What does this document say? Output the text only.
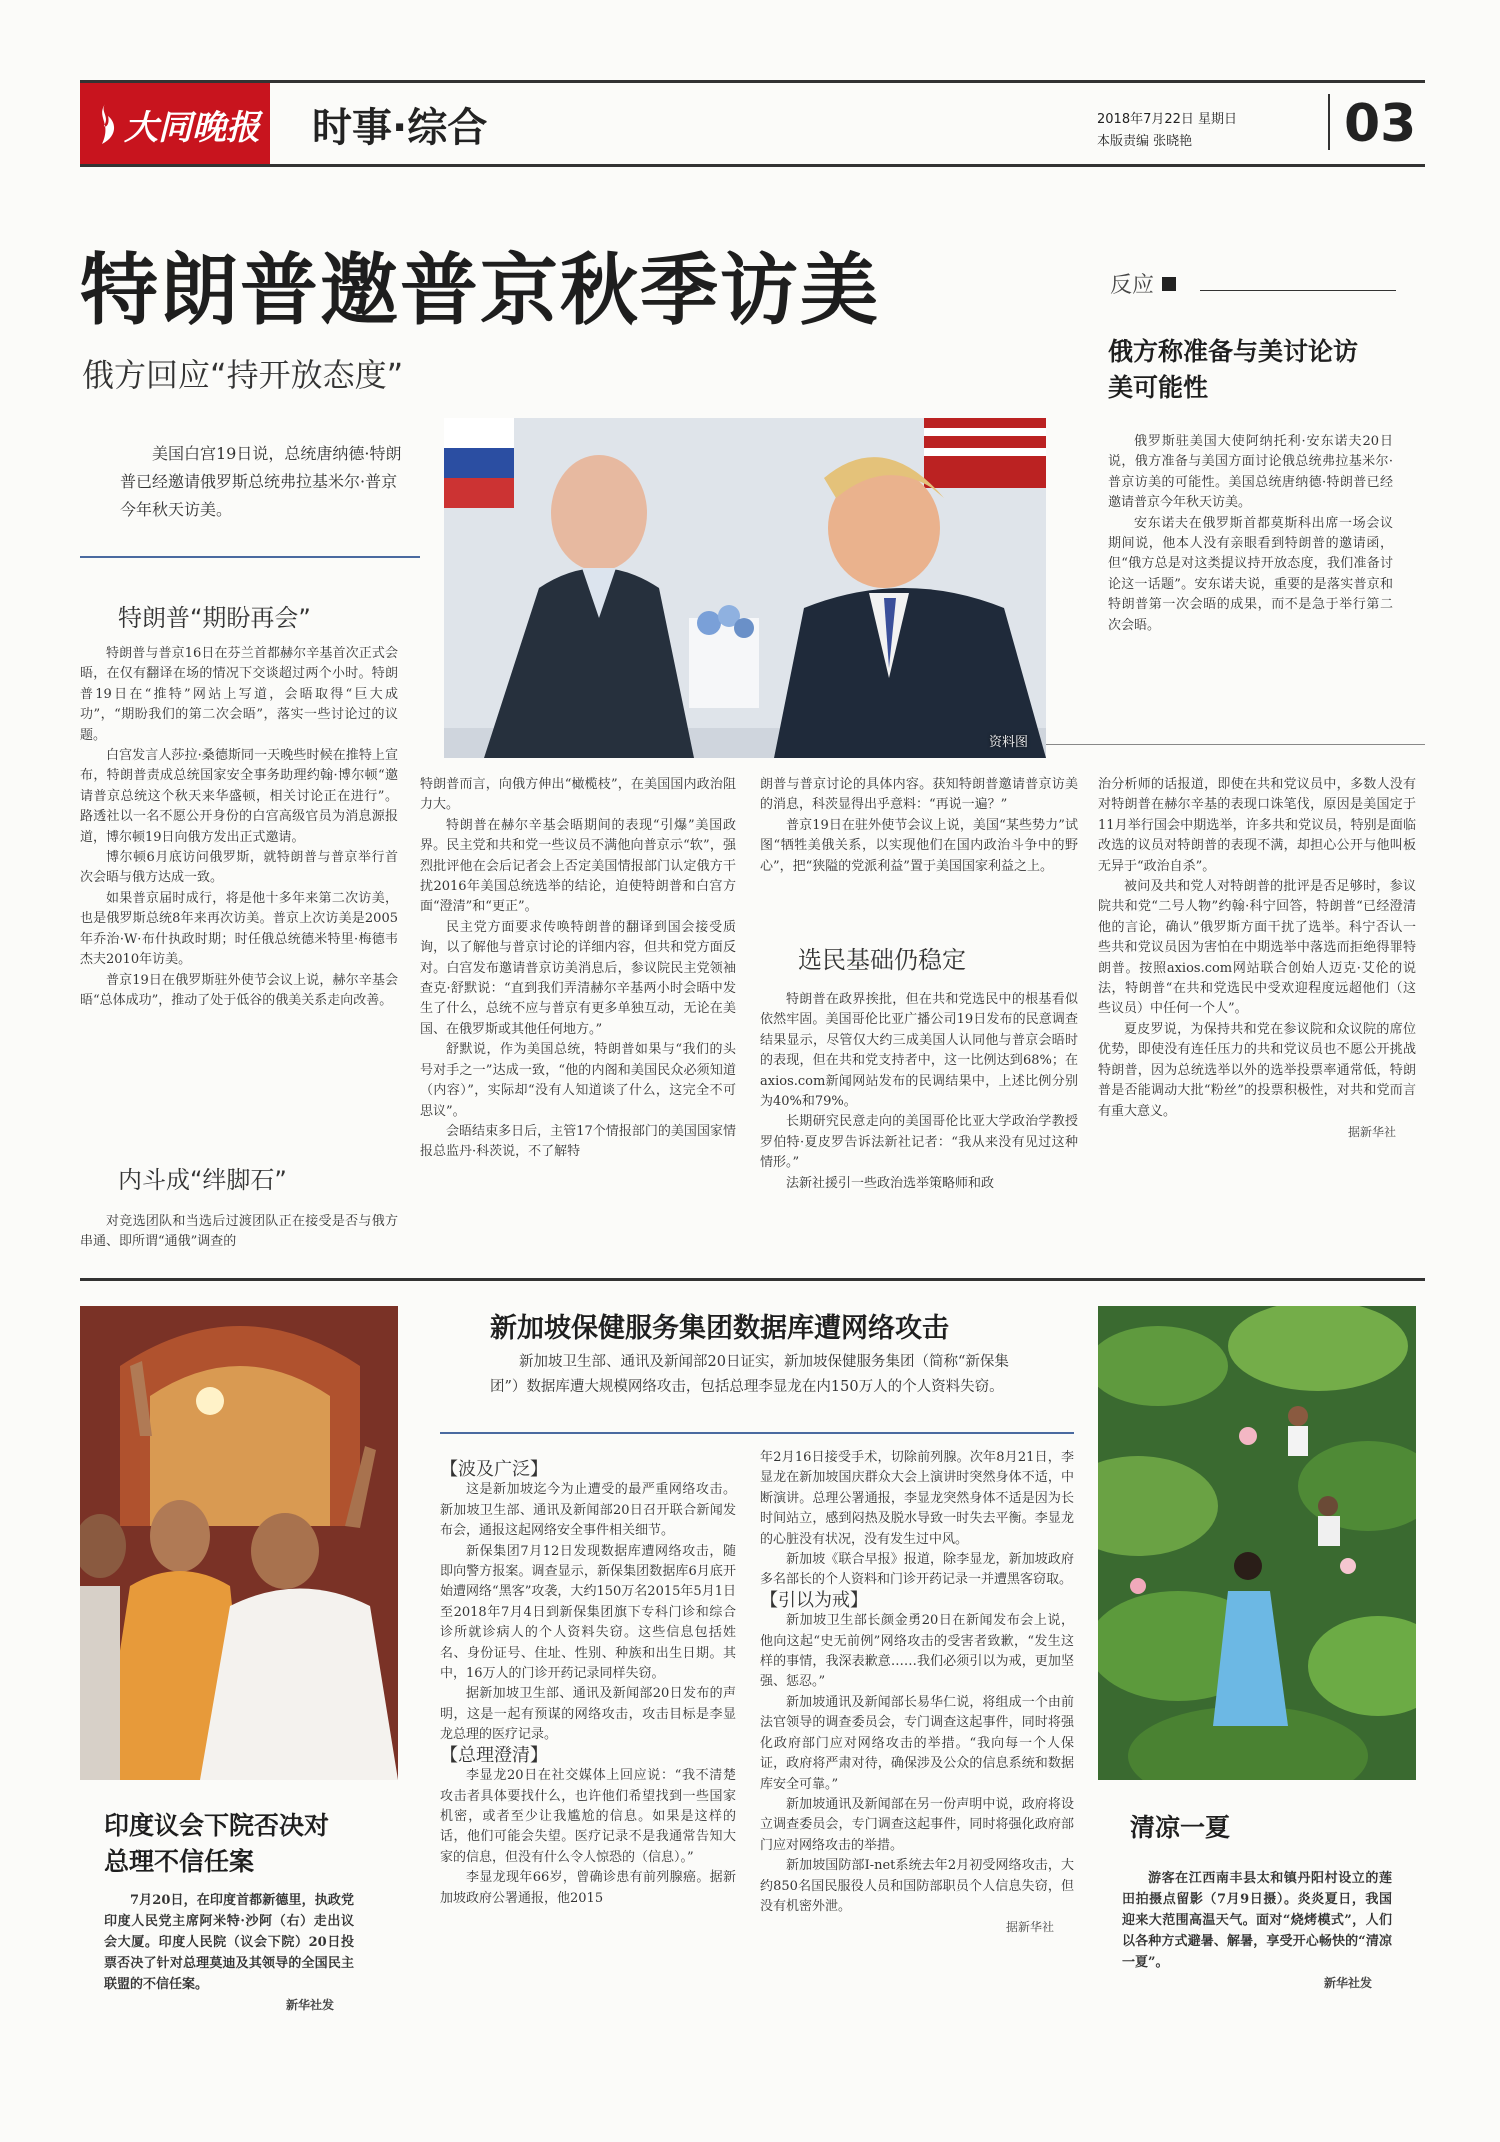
大同晚报 时事·综合	2018年7月22日 星期日
本版责编 张晓艳	03
特朗普邀普京秋季访美
俄方回应“持开放态度”
美国白宫19日说，总统唐纳德·特朗普已经邀请俄罗斯总统弗拉基米尔·普京今年秋天访美。
资料图
特朗普“期盼再会”

特朗普与普京16日在芬兰首都赫尔辛基首次正式会晤，在仅有翻译在场的情况下交谈超过两个小时。特朗普19日在“推特”网站上写道，会晤取得“巨大成功”，“期盼我们的第二次会晤”，落实一些讨论过的议题。

白宫发言人莎拉·桑德斯同一天晚些时候在推特上宣布，特朗普责成总统国家安全事务助理约翰·博尔顿“邀请普京总统这个秋天来华盛顿，相关讨论正在进行”。路透社以一名不愿公开身份的白宫高级官员为消息源报道，博尔顿19日向俄方发出正式邀请。

博尔顿6月底访问俄罗斯，就特朗普与普京举行首次会晤与俄方达成一致。

如果普京届时成行，将是他十多年来第二次访美，也是俄罗斯总统8年来再次访美。普京上次访美是2005年乔治·W·布什执政时期；时任俄总统德米特里·梅德韦杰夫2010年访美。

普京19日在俄罗斯驻外使节会议上说，赫尔辛基会晤“总体成功”，推动了处于低谷的俄美关系走向改善。

内斗成“绊脚石”

对竞选团队和当选后过渡团队正在接受是否与俄方串通、即所谓“通俄”调查的

特朗普而言，向俄方伸出“橄榄枝”，在美国国内政治阻力大。

特朗普在赫尔辛基会晤期间的表现“引爆”美国政界。民主党和共和党一些议员不满他向普京示“软”，强烈批评他在会后记者会上否定美国情报部门认定俄方干扰2016年美国总统选举的结论，迫使特朗普和白宫方面“澄清”和“更正”。

民主党方面要求传唤特朗普的翻译到国会接受质询，以了解他与普京讨论的详细内容，但共和党方面反对。白宫发布邀请普京访美消息后，参议院民主党领袖查克·舒默说：“直到我们弄清赫尔辛基两小时会晤中发生了什么，总统不应与普京有更多单独互动，无论在美国、在俄罗斯或其他任何地方。”

舒默说，作为美国总统，特朗普如果与“我们的头号对手之一”达成一致，“他的内阁和美国民众必须知道（内容）”，实际却“没有人知道谈了什么，这完全不可思议”。

会晤结束多日后，主管17个情报部门的美国国家情报总监丹·科茨说，不了解特

朗普与普京讨论的具体内容。获知特朗普邀请普京访美的消息，科茨显得出乎意料：“再说一遍？”

普京19日在驻外使节会议上说，美国“某些势力”试图“牺牲美俄关系，以实现他们在国内政治斗争中的野心”，把“狭隘的党派利益”置于美国国家利益之上。

选民基础仍稳定

特朗普在政界挨批，但在共和党选民中的根基看似依然牢固。美国哥伦比亚广播公司19日发布的民意调查结果显示，尽管仅大约三成美国人认同他与普京会晤时的表现，但在共和党支持者中，这一比例达到68%；在axios.com新闻网站发布的民调结果中，上述比例分别为40%和79%。

长期研究民意走向的美国哥伦比亚大学政治学教授罗伯特·夏皮罗告诉法新社记者：“我从来没有见过这种情形。”

法新社援引一些政治选举策略师和政

治分析师的话报道，即使在共和党议员中，多数人没有对特朗普在赫尔辛基的表现口诛笔伐，原因是美国定于11月举行国会中期选举，许多共和党议员，特别是面临改选的议员对特朗普的表现不满，却担心公开与他叫板无异于“政治自杀”。

被问及共和党人对特朗普的批评是否足够时，参议院共和党“二号人物”约翰·科宁回答，特朗普“已经澄清他的言论，确认”俄罗斯方面干扰了选举。科宁否认一些共和党议员因为害怕在中期选举中落选而拒绝得罪特朗普。按照axios.com网站联合创始人迈克·艾伦的说法，特朗普“在共和党选民中受欢迎程度远超他们（这些议员）中任何一个人”。

夏皮罗说，为保持共和党在参议院和众议院的席位优势，即使没有连任压力的共和党议员也不愿公开挑战特朗普，因为总统选举以外的选举投票率通常低，特朗普是否能调动大批“粉丝”的投票积极性，对共和党而言有重大意义。

据新华社
反应
俄方称准备与美讨论访美可能性

俄罗斯驻美国大使阿纳托利·安东诺夫20日说，俄方准备与美国方面讨论俄总统弗拉基米尔·普京访美的可能性。美国总统唐纳德·特朗普已经邀请普京今年秋天访美。

安东诺夫在俄罗斯首都莫斯科出席一场会议期间说，他本人没有亲眼看到特朗普的邀请函，但“俄方总是对这类提议持开放态度，我们准备讨论这一话题”。安东诺夫说，重要的是落实普京和特朗普第一次会晤的成果，而不是急于举行第二次会晤。

印度议会下院否决对总理不信任案

7月20日，在印度首都新德里，执政党印度人民党主席阿米特·沙阿（右）走出议会大厦。印度人民院（议会下院）20日投票否决了针对总理莫迪及其领导的全国民主联盟的不信任案。

新华社发
新加坡保健服务集团数据库遭网络攻击
新加坡卫生部、通讯及新闻部20日证实，新加坡保健服务集团（简称“新保集团”）数据库遭大规模网络攻击，包括总理李显龙在内150万人的个人资料失窃。

【波及广泛】

这是新加坡迄今为止遭受的最严重网络攻击。新加坡卫生部、通讯及新闻部20日召开联合新闻发布会，通报这起网络安全事件相关细节。

新保集团7月12日发现数据库遭网络攻击，随即向警方报案。调查显示，新保集团数据库6月底开始遭网络“黑客”攻袭，大约150万名2015年5月1日至2018年7月4日到新保集团旗下专科门诊和综合诊所就诊病人的个人资料失窃。这些信息包括姓名、身份证号、住址、性别、种族和出生日期。其中，16万人的门诊开药记录同样失窃。

据新加坡卫生部、通讯及新闻部20日发布的声明，这是一起有预谋的网络攻击，攻击目标是李显龙总理的医疗记录。

【总理澄清】

李显龙20日在社交媒体上回应说：“我不清楚攻击者具体要找什么，也许他们希望找到一些国家机密，或者至少让我尴尬的信息。如果是这样的话，他们可能会失望。医疗记录不是我通常告知大家的信息，但没有什么令人惊恐的（信息）。”

李显龙现年66岁，曾确诊患有前列腺癌。据新加坡政府公署通报，他2015

年2月16日接受手术，切除前列腺。次年8月21日，李显龙在新加坡国庆群众大会上演讲时突然身体不适，中断演讲。总理公署通报，李显龙突然身体不适是因为长时间站立，感到闷热及脱水导致一时失去平衡。李显龙的心脏没有状况，没有发生过中风。

新加坡《联合早报》报道，除李显龙，新加坡政府多名部长的个人资料和门诊开药记录一并遭黑客窃取。

【引以为戒】

新加坡卫生部长颜金勇20日在新闻发布会上说，他向这起“史无前例”网络攻击的受害者致歉，“发生这样的事情，我深表歉意……我们必须引以为戒，更加坚强、惩忍。”

新加坡通讯及新闻部长易华仁说，将组成一个由前法官领导的调查委员会，专门调查这起事件，同时将强化政府部门应对网络攻击的举措。“我向每一个人保证，政府将严肃对待，确保涉及公众的信息系统和数据库安全可靠。”

新加坡通讯及新闻部在另一份声明中说，政府将设立调查委员会，专门调查这起事件，同时将强化政府部门应对网络攻击的举措。

新加坡国防部I-net系统去年2月初受网络攻击，大约850名国民服役人员和国防部职员个人信息失窃，但没有机密外泄。

据新华社
清凉一夏

游客在江西南丰县太和镇丹阳村设立的莲田拍摄点留影（7月9日摄）。炎炎夏日，我国迎来大范围高温天气。面对“烧烤模式”，人们以各种方式避暑、解暑，享受开心畅快的“清凉一夏”。

新华社发
